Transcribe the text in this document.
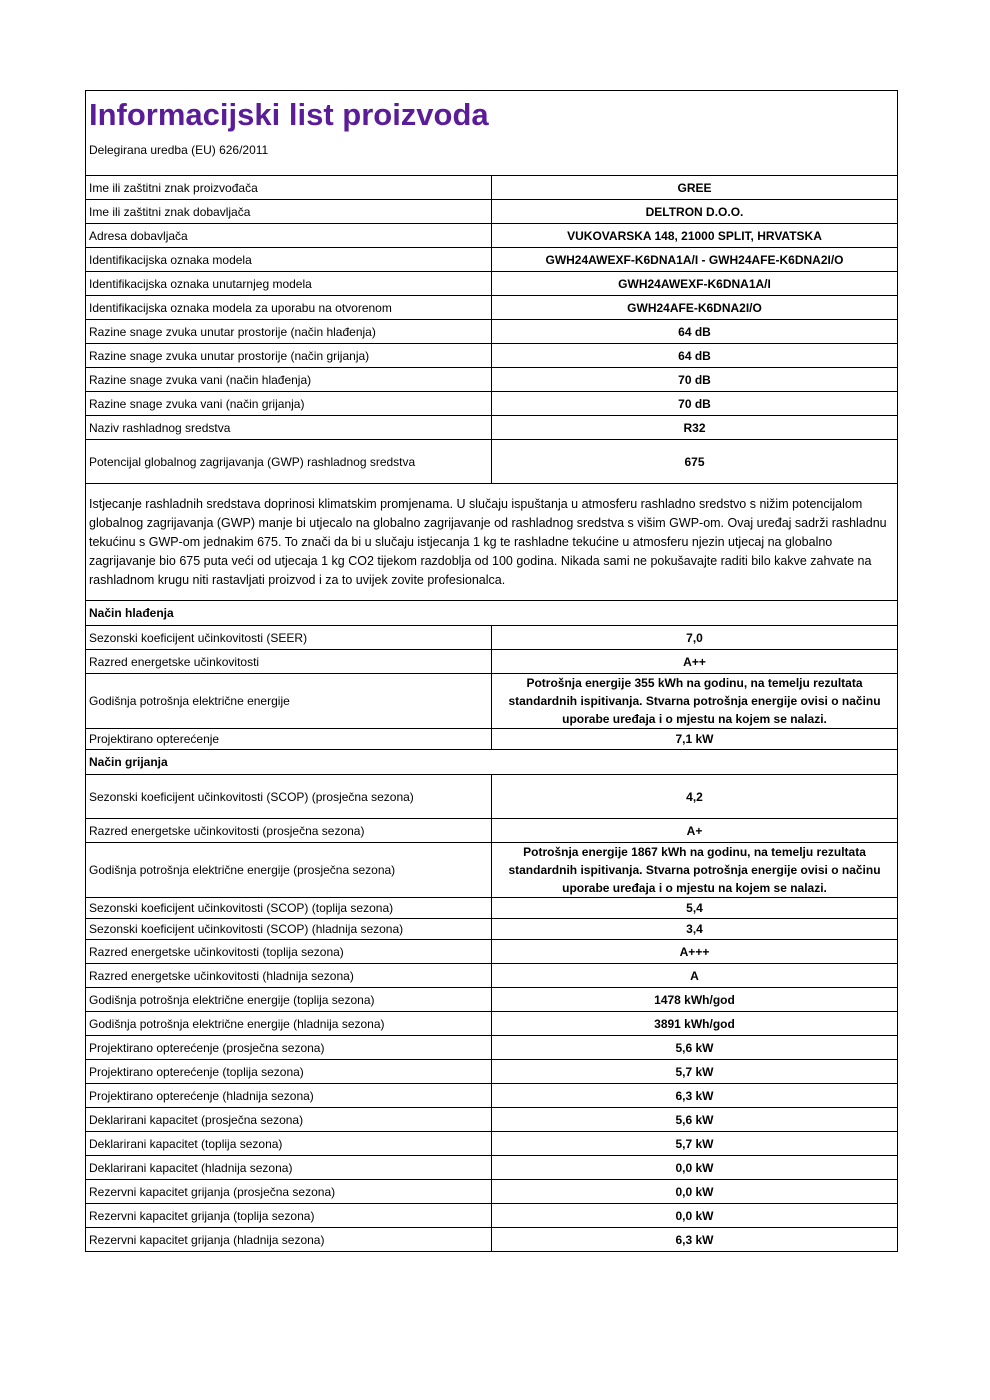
Informacijski list proizvoda
Delegirana uredba (EU) 626/2011	

Ime ili zaštitni znak proizvođača	GREE
Ime ili zaštitni znak dobavljača	DELTRON D.O.O.
Adresa dobavljača	VUKOVARSKA 148, 21000 SPLIT, HRVATSKA
Identifikacijska oznaka modela	GWH24AWEXF-K6DNA1A/I - GWH24AFE-K6DNA2I/O
Identifikacijska oznaka unutarnjeg modela	GWH24AWEXF-K6DNA1A/I
Identifikacijska oznaka modela za uporabu na otvorenom	GWH24AFE-K6DNA2I/O
Razine snage zvuka unutar prostorije (način hlađenja)	64 dB
Razine snage zvuka unutar prostorije (način grijanja)	64 dB
Razine snage zvuka vani (način hlađenja)	70 dB
Razine snage zvuka vani (način grijanja)	70 dB
Naziv rashladnog sredstva	R32
Potencijal globalnog zagrijavanja (GWP) rashladnog sredstva	675
Istjecanje rashladnih sredstava doprinosi klimatskim promjenama. U slučaju ispuštanja u atmosferu rashladno sredstvo s nižim potencijalom globalnog zagrijavanja (GWP) manje bi utjecalo na globalno zagrijavanje od rashladnog sredstva s višim GWP-om. Ovaj uređaj sadrži rashladnu tekućinu s GWP-om jednakim 675. To znači da bi u slučaju istjecanja 1 kg te rashladne tekućine u atmosferu njezin utjecaj na globalno zagrijavanje bio 675 puta veći od utjecaja 1 kg CO2 tijekom razdoblja od 100 godina. Nikada sami ne pokušavajte raditi bilo kakve zahvate na rashladnom krugu niti rastavljati proizvod i za to uvijek zovite profesionalca.	
Način hlađenja	
Sezonski koeficijent učinkovitosti (SEER)	7,0
Razred energetske učinkovitosti	A++
Godišnja potrošnja električne energije	Potrošnja energije 355 kWh na godinu, na temelju rezultata standardnih ispitivanja. Stvarna potrošnja energije ovisi o načinu uporabe uređaja i o mjestu na kojem se nalazi.
Projektirano opterećenje	7,1 kW
Način grijanja	
Sezonski koeficijent učinkovitosti (SCOP) (prosječna sezona)	4,2
Razred energetske učinkovitosti (prosječna sezona)	A+
Godišnja potrošnja električne energije (prosječna sezona)	Potrošnja energije 1867 kWh na godinu, na temelju rezultata standardnih ispitivanja. Stvarna potrošnja energije ovisi o načinu uporabe uređaja i o mjestu na kojem se nalazi.
Sezonski koeficijent učinkovitosti (SCOP) (toplija sezona)	5,4
Sezonski koeficijent učinkovitosti (SCOP) (hladnija sezona)	3,4
Razred energetske učinkovitosti (toplija sezona)	A+++
Razred energetske učinkovitosti (hladnija sezona)	A
Godišnja potrošnja električne energije (toplija sezona)	1478 kWh/god
Godišnja potrošnja električne energije (hladnija sezona)	3891 kWh/god
Projektirano opterećenje (prosječna sezona)	5,6 kW
Projektirano opterećenje (toplija sezona)	5,7 kW
Projektirano opterećenje (hladnija sezona)	6,3 kW
Deklarirani kapacitet (prosječna sezona)	5,6 kW
Deklarirani kapacitet (toplija sezona)	5,7 kW
Deklarirani kapacitet (hladnija sezona)	0,0 kW
Rezervni kapacitet grijanja (prosječna sezona)	0,0 kW
Rezervni kapacitet grijanja (toplija sezona)	0,0 kW
Rezervni kapacitet grijanja (hladnija sezona)	6,3 kW
